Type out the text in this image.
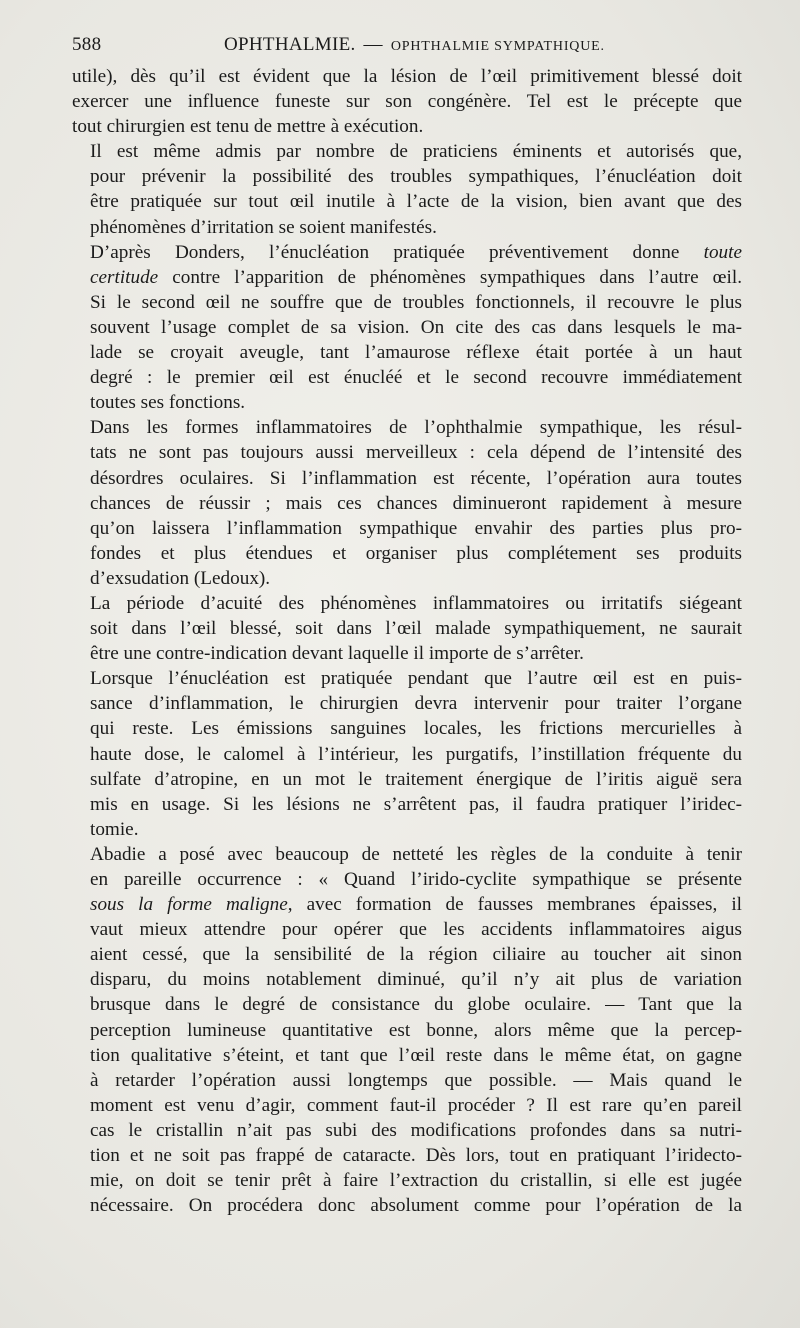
588	OPHTHALMIE. — OPHTHALMIE SYMPATHIQUE.

utile), dès qu’il est évident que la lésion de l’œil primitivement blessé doit
exercer une influence funeste sur son congénère. Tel est le précepte que
tout chirurgien est tenu de mettre à exécution.

Il est même admis par nombre de praticiens éminents et autorisés que,
pour prévenir la possibilité des troubles sympathiques, l’énucléation doit
être pratiquée sur tout œil inutile à l’acte de la vision, bien avant que des
phénomènes d’irritation se soient manifestés.

D’après Donders, l’énucléation pratiquée préventivement donne toute
certitude contre l’apparition de phénomènes sympathiques dans l’autre œil.
Si le second œil ne souffre que de troubles fonctionnels, il recouvre le plus
souvent l’usage complet de sa vision. On cite des cas dans lesquels le ma-
lade se croyait aveugle, tant l’amaurose réflexe était portée à un haut
degré : le premier œil est énucléé et le second recouvre immédiatement
toutes ses fonctions.

Dans les formes inflammatoires de l’ophthalmie sympathique, les résul-
tats ne sont pas toujours aussi merveilleux : cela dépend de l’intensité des
désordres oculaires. Si l’inflammation est récente, l’opération aura toutes
chances de réussir ; mais ces chances diminueront rapidement à mesure
qu’on laissera l’inflammation sympathique envahir des parties plus pro-
fondes et plus étendues et organiser plus complétement ses produits
d’exsudation (Ledoux).

La période d’acuité des phénomènes inflammatoires ou irritatifs siégeant
soit dans l’œil blessé, soit dans l’œil malade sympathiquement, ne saurait
être une contre-indication devant laquelle il importe de s’arrêter.

Lorsque l’énucléation est pratiquée pendant que l’autre œil est en puis-
sance d’inflammation, le chirurgien devra intervenir pour traiter l’organe
qui reste. Les émissions sanguines locales, les frictions mercurielles à
haute dose, le calomel à l’intérieur, les purgatifs, l’instillation fréquente du
sulfate d’atropine, en un mot le traitement énergique de l’iritis aiguë sera
mis en usage. Si les lésions ne s’arrêtent pas, il faudra pratiquer l’iridec-
tomie.

Abadie a posé avec beaucoup de netteté les règles de la conduite à tenir
en pareille occurrence : « Quand l’irido-cyclite sympathique se présente
sous la forme maligne, avec formation de fausses membranes épaisses, il
vaut mieux attendre pour opérer que les accidents inflammatoires aigus
aient cessé, que la sensibilité de la région ciliaire au toucher ait sinon
disparu, du moins notablement diminué, qu’il n’y ait plus de variation
brusque dans le degré de consistance du globe oculaire. — Tant que la
perception lumineuse quantitative est bonne, alors même que la percep-
tion qualitative s’éteint, et tant que l’œil reste dans le même état, on gagne
à retarder l’opération aussi longtemps que possible. — Mais quand le
moment est venu d’agir, comment faut-il procéder ? Il est rare qu’en pareil
cas le cristallin n’ait pas subi des modifications profondes dans sa nutri-
tion et ne soit pas frappé de cataracte. Dès lors, tout en pratiquant l’iridecto-
mie, on doit se tenir prêt à faire l’extraction du cristallin, si elle est jugée
nécessaire. On procédera donc absolument comme pour l’opération de la
